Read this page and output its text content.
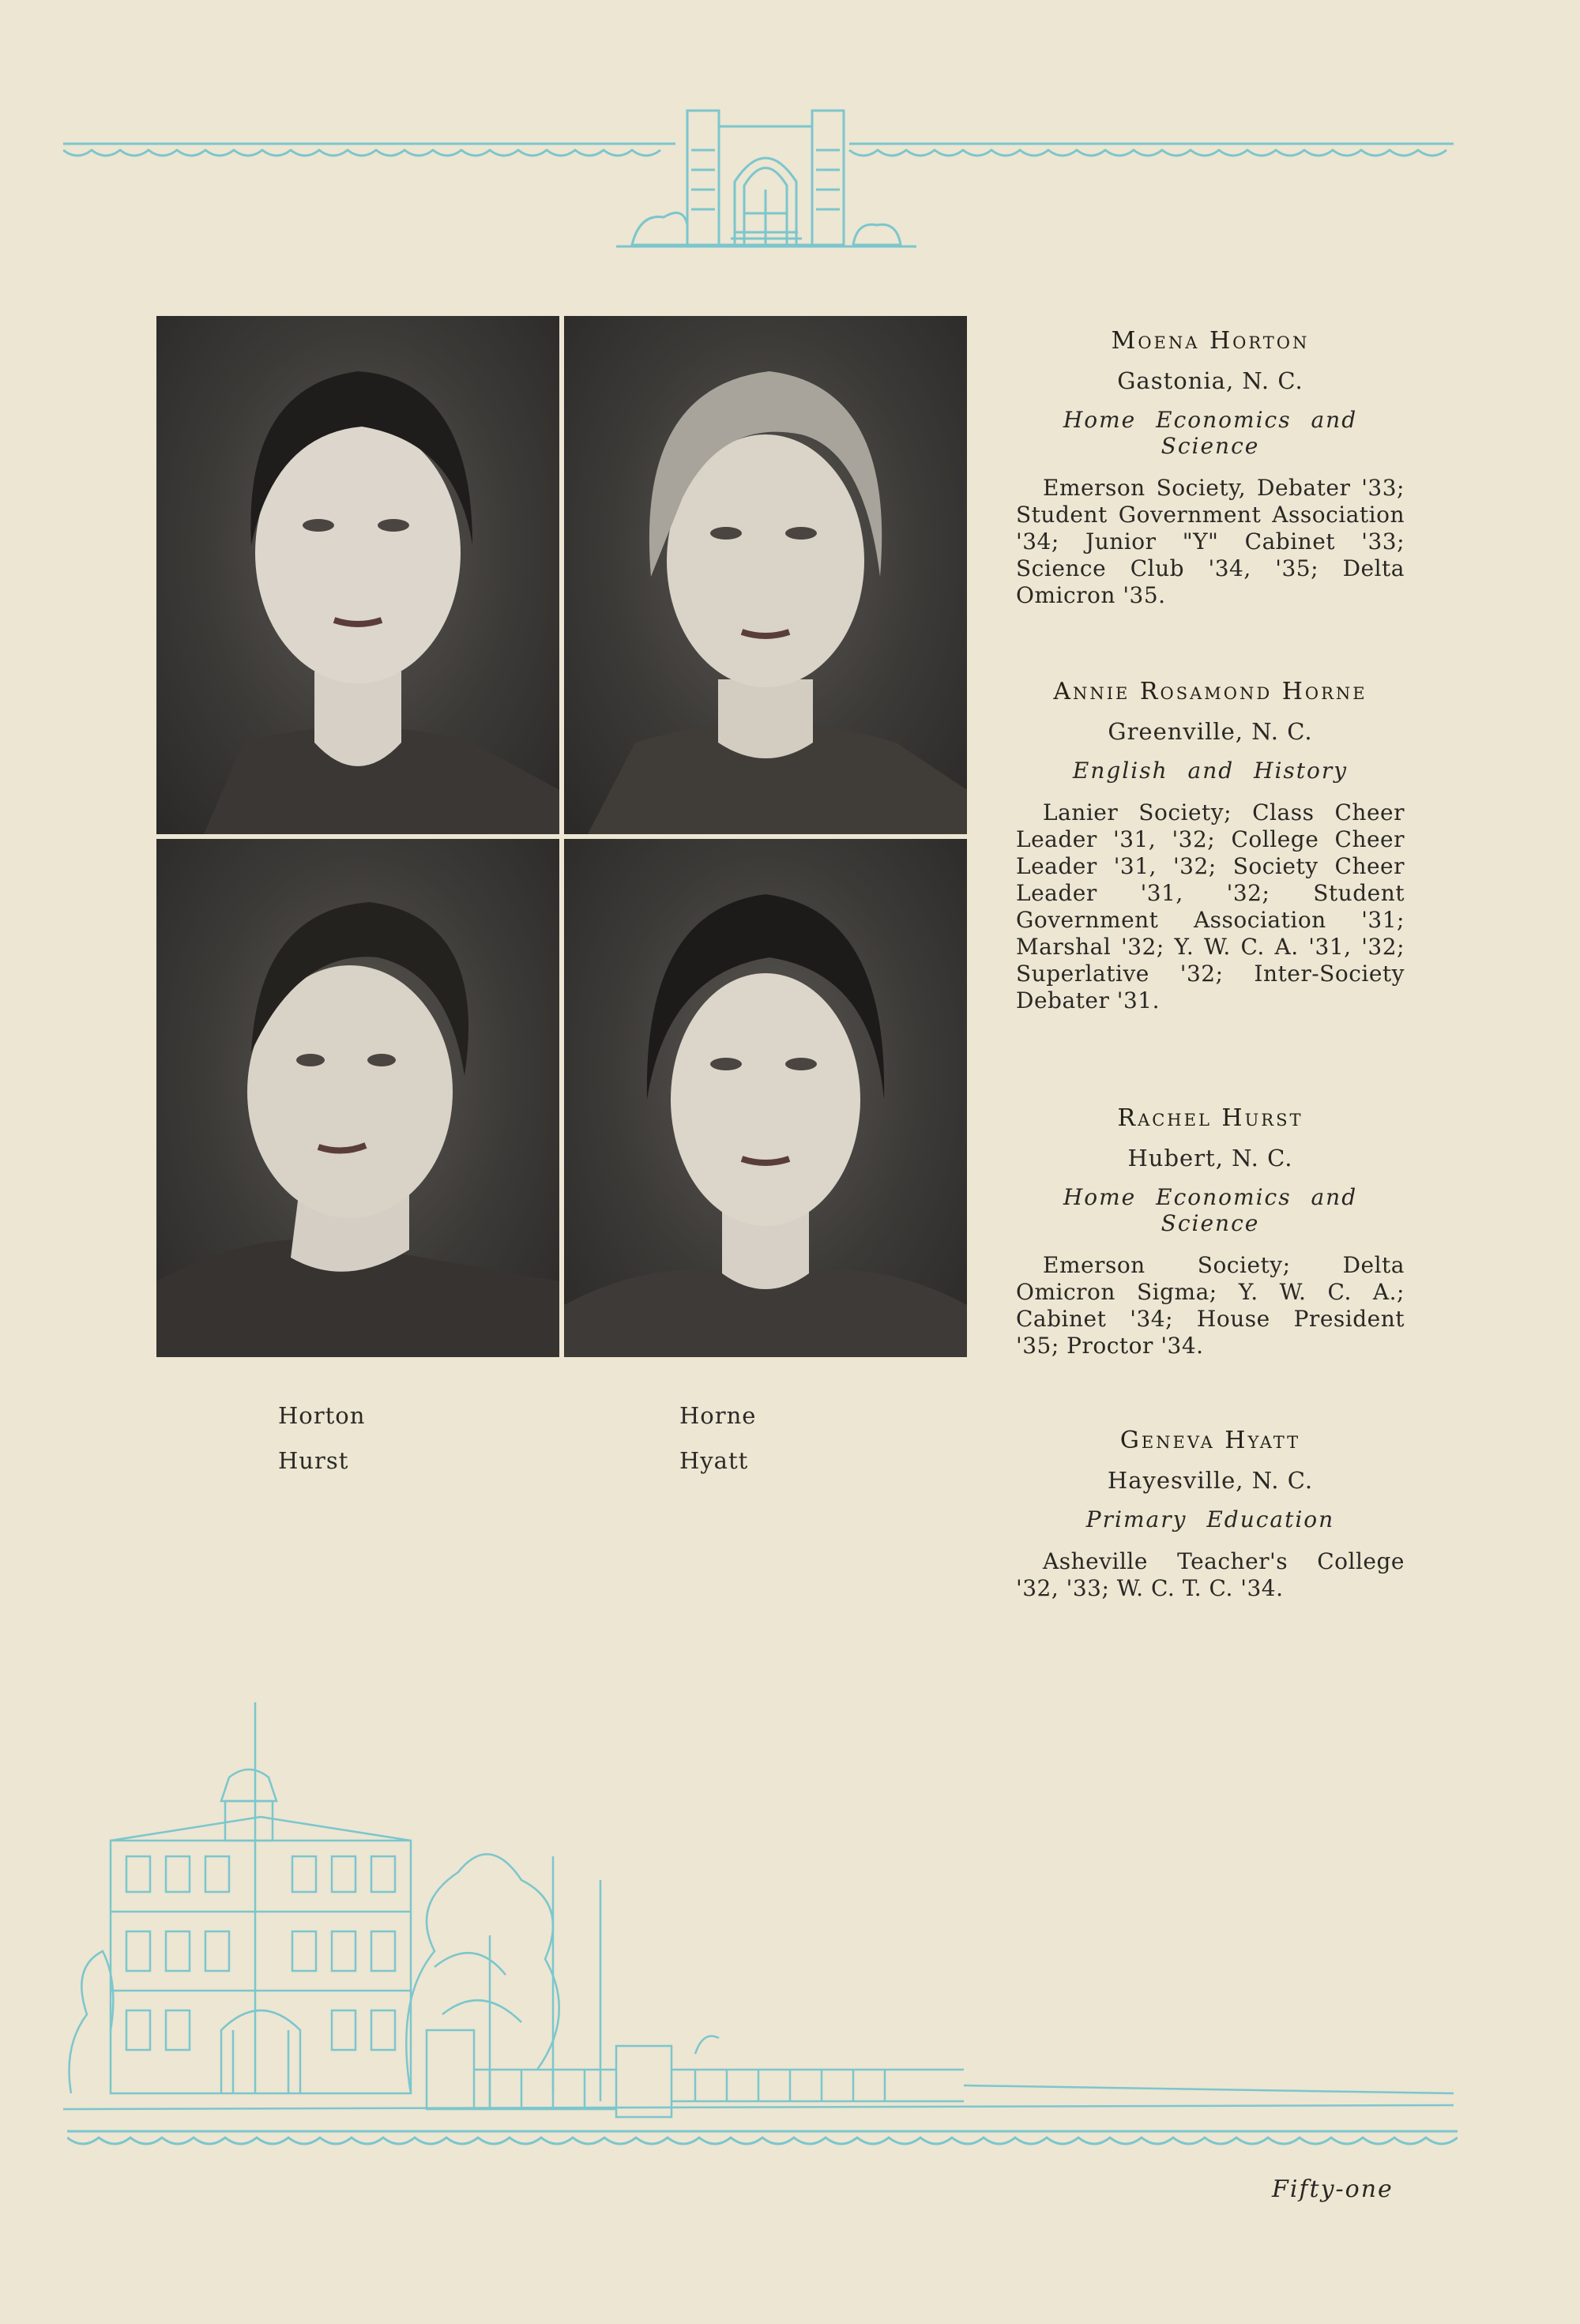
Horton
Hurst
Horne
Hyatt
Moena Horton
Gastonia, N. C.
Home Economics and Science
Emerson Society, Debater '33; Student Government Association '34; Junior "Y" Cabinet '33; Science Club '34, '35; Delta Omicron '35.
Annie Rosamond Horne
Greenville, N. C.
English and History
Lanier Society; Class Cheer Leader '31, '32; College Cheer Leader '31, '32; Society Cheer Leader '31, '32; Student Government Association '31; Marshal '32; Y. W. C. A. '31, '32; Superlative '32; Inter-Society Debater '31.
Rachel Hurst
Hubert, N. C.
Home Economics and Science
Emerson Society; Delta Omicron Sigma; Y. W. C. A.; Cabinet '34; House President '35; Proctor '34.
Geneva Hyatt
Hayesville, N. C.
Primary Education
Asheville Teacher's College '32, '33; W. C. T. C. '34.
Fifty-one
